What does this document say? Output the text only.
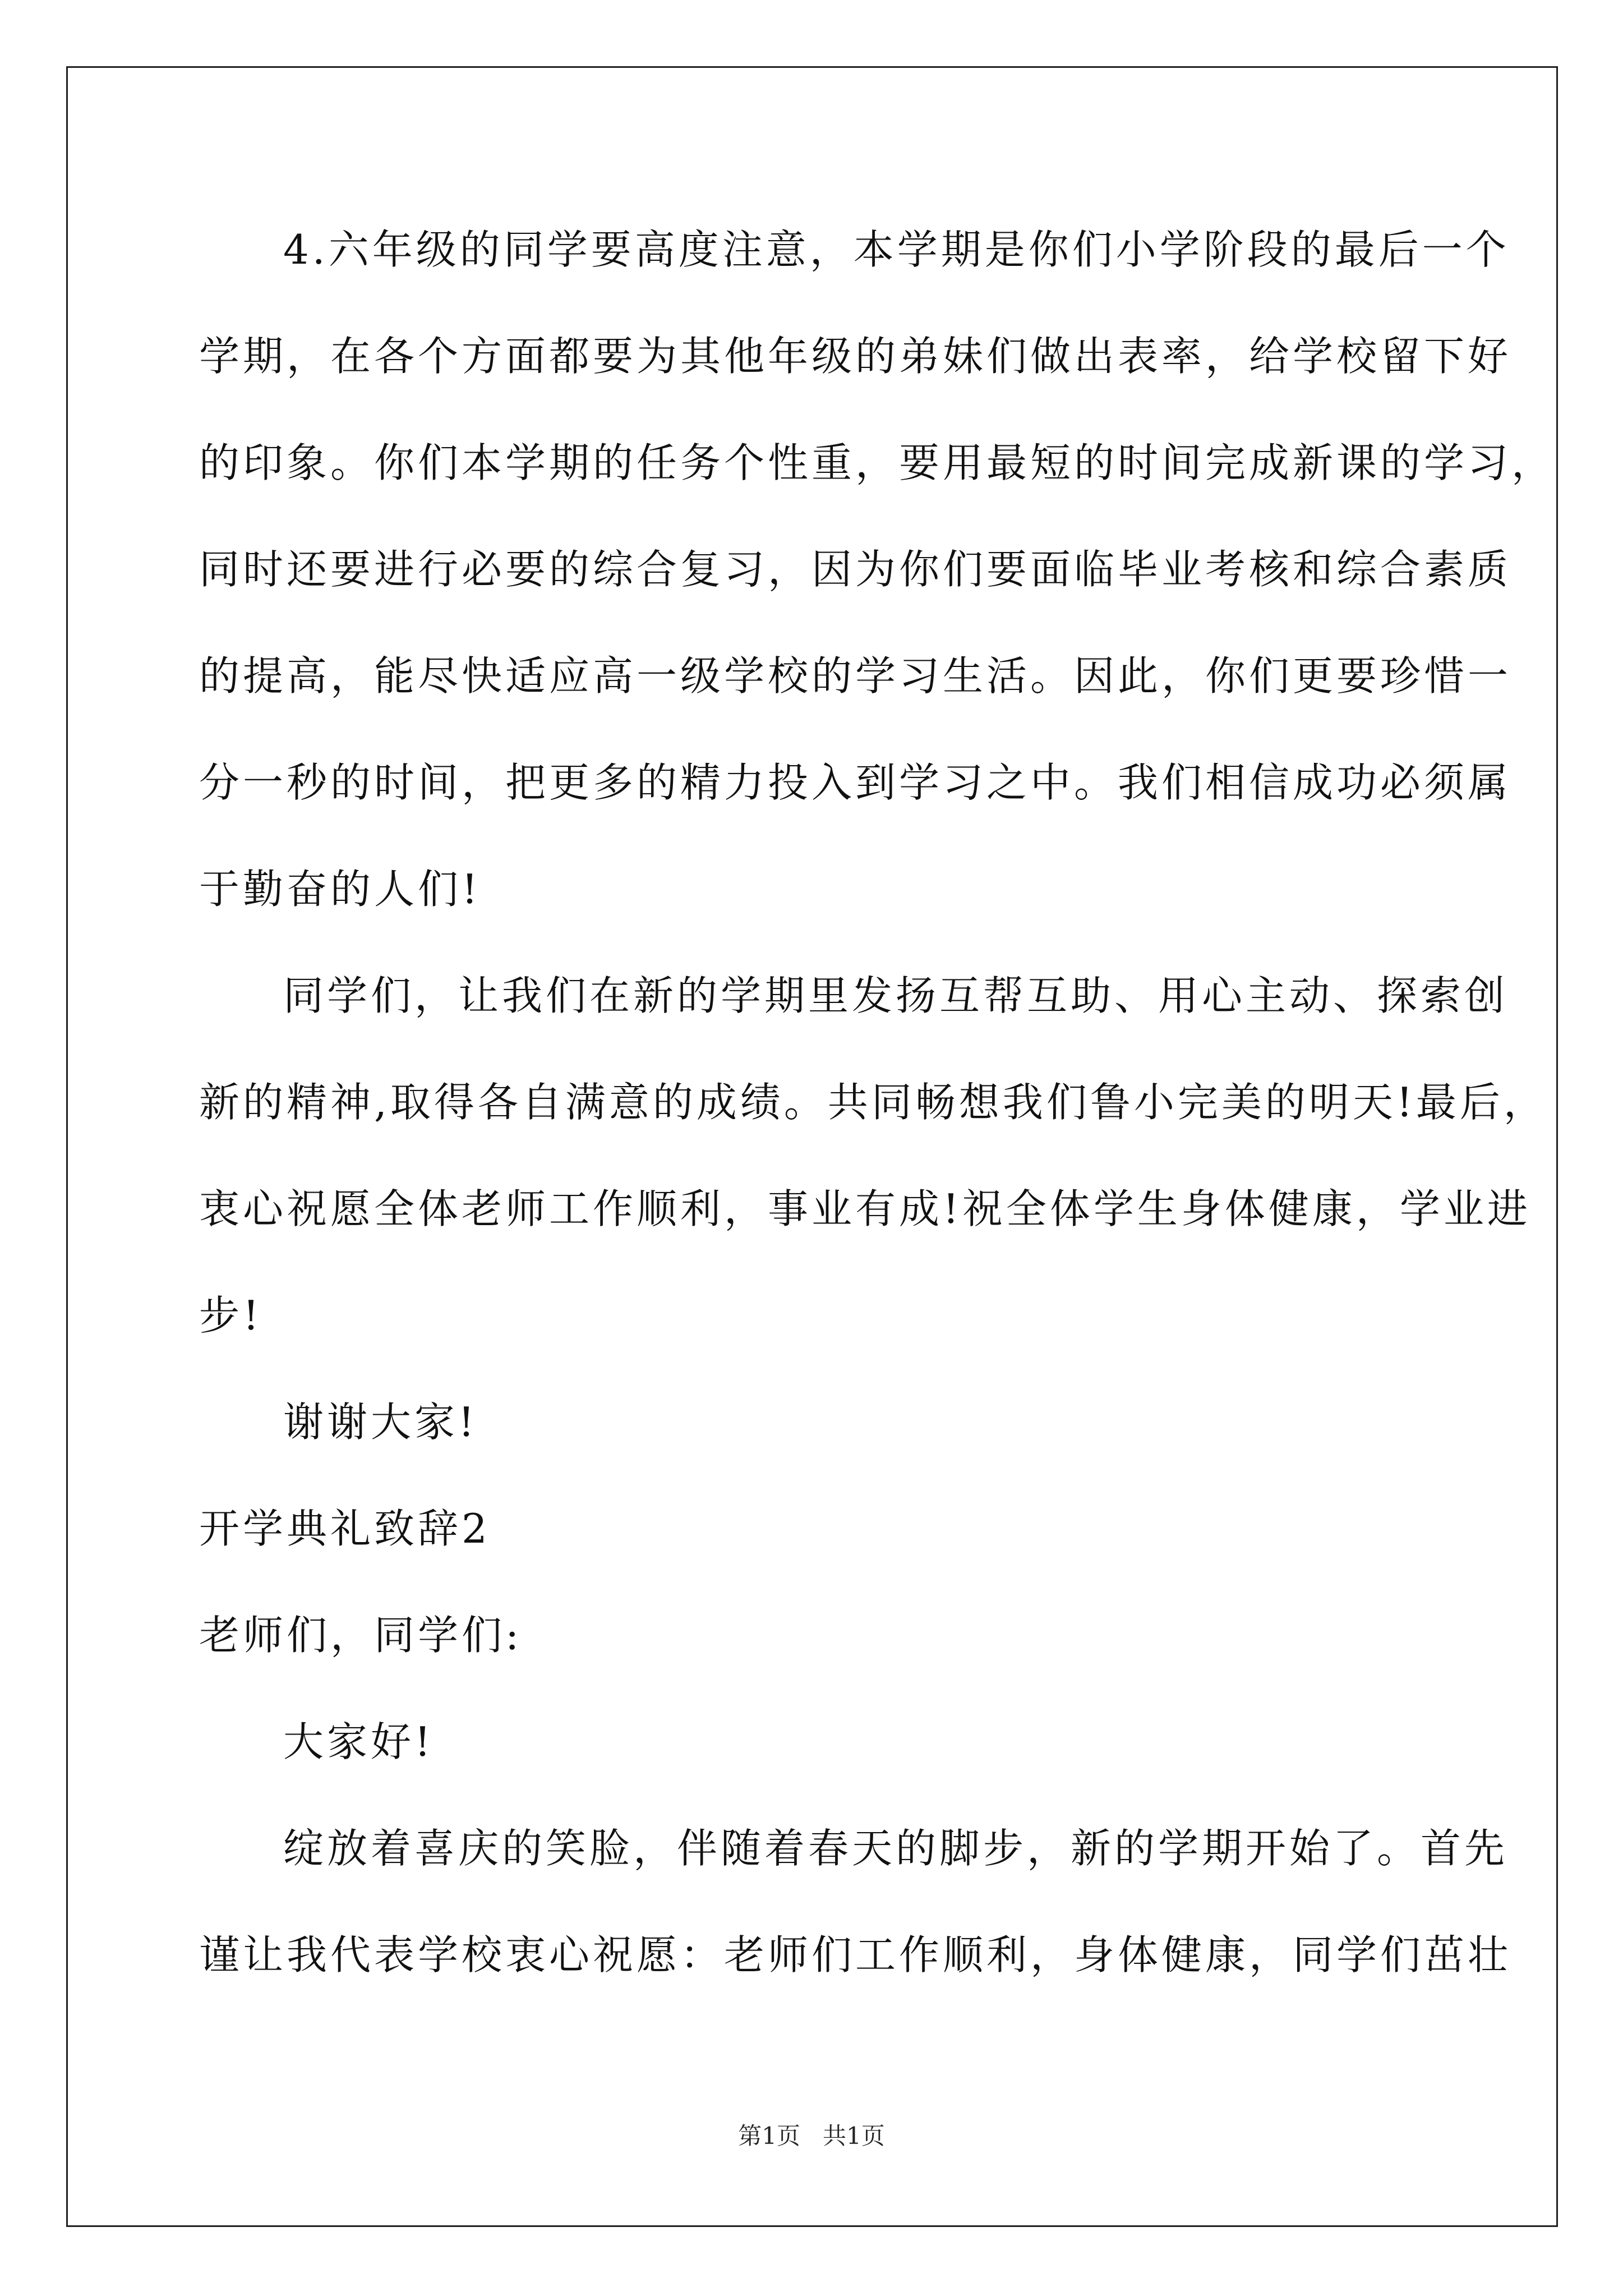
4.六年级的同学要高度注意，本学期是你们小学阶段的最后一个
学期，在各个方面都要为其他年级的弟妹们做出表率，给学校留下好
的印象。你们本学期的任务个性重，要用最短的时间完成新课的学习，
同时还要进行必要的综合复习，因为你们要面临毕业考核和综合素质
的提高，能尽快适应高一级学校的学习生活。因此，你们更要珍惜一
分一秒的时间，把更多的精力投入到学习之中。我们相信成功必须属
于勤奋的人们!
同学们，让我们在新的学期里发扬互帮互助、用心主动、探索创
新的精神,取得各自满意的成绩。共同畅想我们鲁小完美的明天!最后，
衷心祝愿全体老师工作顺利，事业有成!祝全体学生身体健康，学业进
步!
谢谢大家!
开学典礼致辞2
老师们，同学们:
大家好!
绽放着喜庆的笑脸，伴随着春天的脚步，新的学期开始了。首先
谨让我代表学校衷心祝愿：老师们工作顺利，身体健康，同学们茁壮
第1页   共1页
